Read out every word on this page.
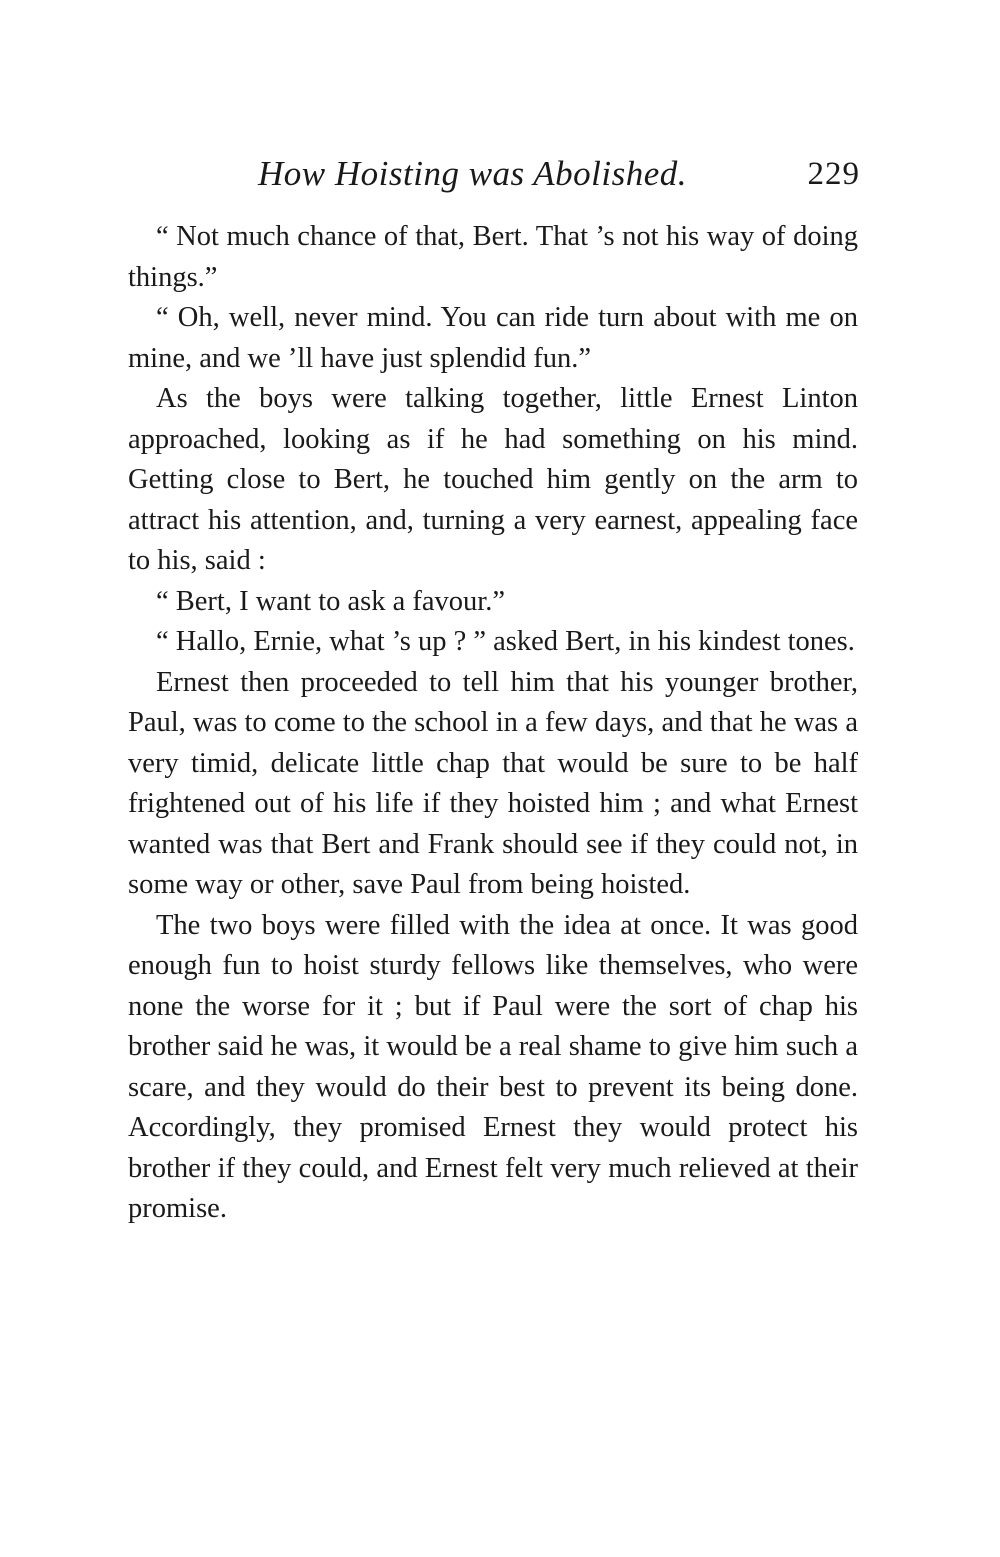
How Hoisting was Abolished.	229

“ Not much chance of that, Bert. That ’s not his way of doing things.”

“ Oh, well, never mind. You can ride turn about with me on mine, and we ’ll have just splendid fun.”

As the boys were talking together, little Ernest Linton approached, looking as if he had something on his mind. Getting close to Bert, he touched him gently on the arm to attract his attention, and, turning a very earnest, appealing face to his, said :

“ Bert, I want to ask a favour.”

“ Hallo, Ernie, what ’s up ? ” asked Bert, in his kindest tones.

Ernest then proceeded to tell him that his younger brother, Paul, was to come to the school in a few days, and that he was a very timid, delicate little chap that would be sure to be half frightened out of his life if they hoisted him ; and what Ernest wanted was that Bert and Frank should see if they could not, in some way or other, save Paul from being hoisted.

The two boys were filled with the idea at once. It was good enough fun to hoist sturdy fellows like themselves, who were none the worse for it ; but if Paul were the sort of chap his brother said he was, it would be a real shame to give him such a scare, and they would do their best to prevent its being done. Accordingly, they promised Ernest they would protect his brother if they could, and Ernest felt very much relieved at their promise.
